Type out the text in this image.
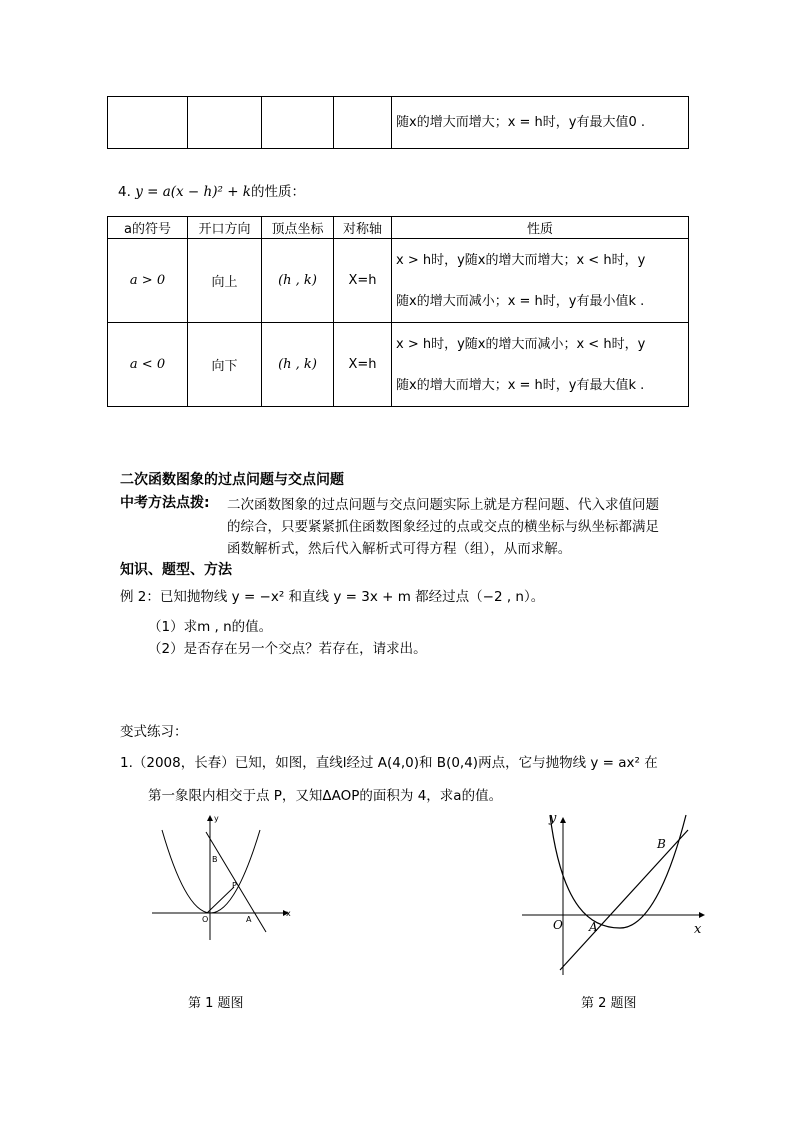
				随x的增大而增大；x = h时，y有最大值0 .
4. y = a(x − h)² + k的性质：
a的符号	开口方向	顶点坐标	对称轴	性质
a > 0	向上	(h , k)	X=h	x > h时，y随x的增大而增大；x < h时，y
随x的增大而减小；x = h时，y有最小值k .

a < 0	向下	(h , k)	X=h	x > h时，y随x的增大而减小；x < h时，y
随x的增大而增大；x = h时，y有最大值k .
二次函数图象的过点问题与交点问题
中考方法点拨: 二次函数图象的过点问题与交点问题实际上就是方程问题、代入求值问题
的综合，只要紧紧抓住函数图象经过的点或交点的横坐标与纵坐标都满足
函数解析式，然后代入解析式可得方程（组），从而求解。
知识、题型、方法
例 2：已知抛物线 y = −x² 和直线 y = 3x + m 都经过点（−2 , n）。
（1）求m , n的值。
（2）是否存在另一个交点？若存在，请求出。
变式练习：
1.（2008，长春）已知，如图，直线l经过 A(4,0)和 B(0,4)两点，它与抛物线 y = ax² 在
第一象限内相交于点 P，又知ΔAOP的面积为 4，求a的值。
y
x
B
P
O	A
第 1 题图
y
x
B
O A
第 2 题图
